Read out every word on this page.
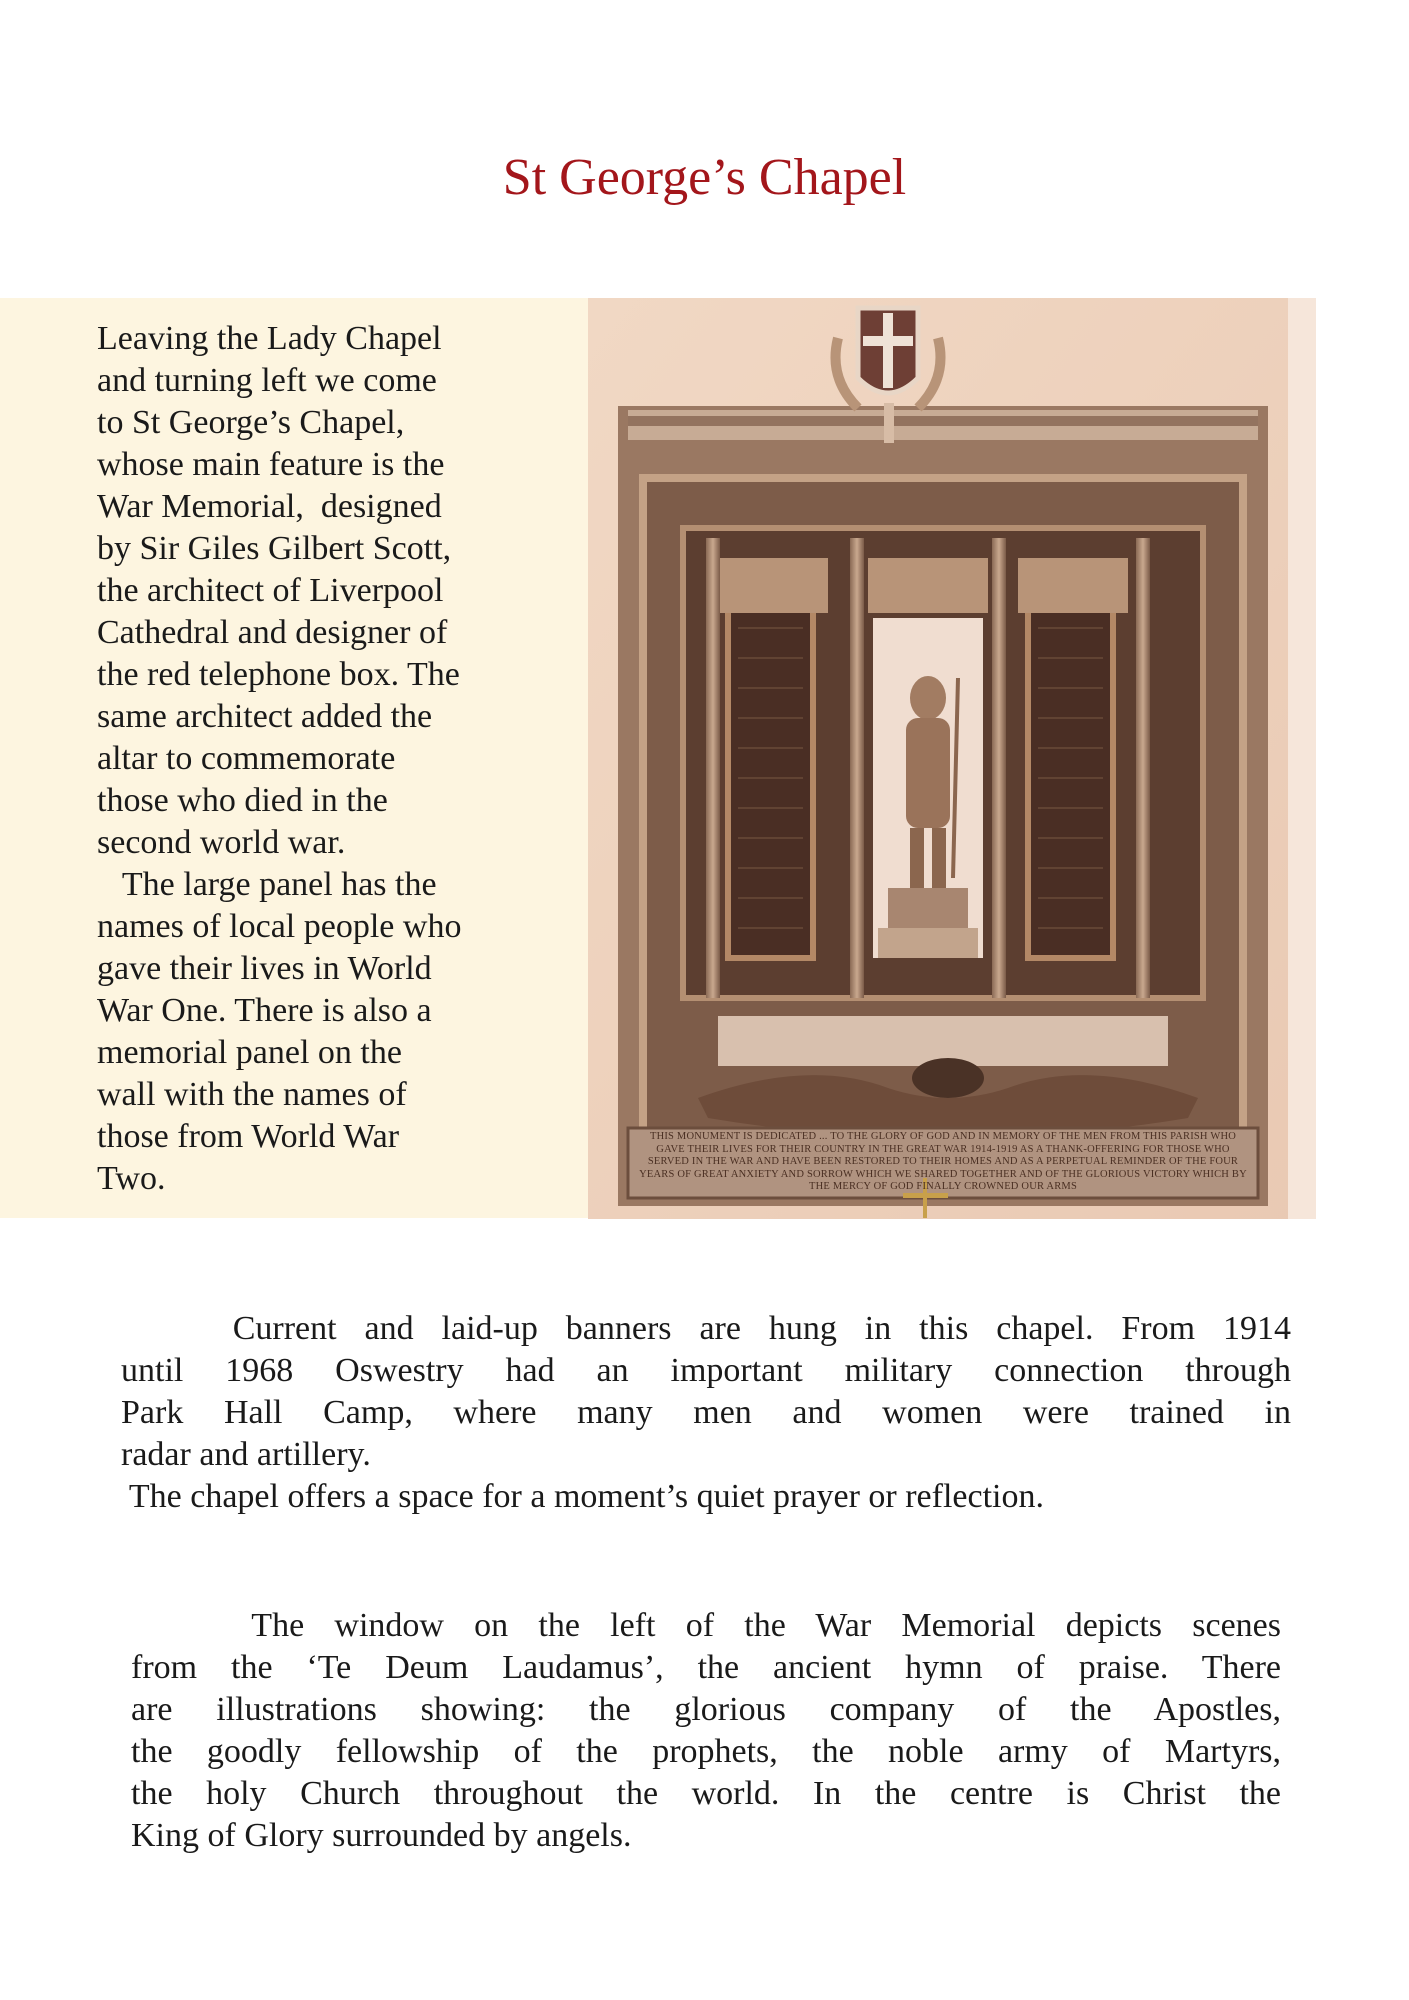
St George’s Chapel
Leaving the Lady Chapel
and turning left we come
to St George’s Chapel,
whose main feature is the
War Memorial,  designed
by Sir Giles Gilbert Scott,
the architect of Liverpool
Cathedral and designer of
the red telephone box. The
same architect added the
altar to commemorate
those who died in the
second world war.
The large panel has the
names of local people who
gave their lives in World
War One. There is also a
memorial panel on the
wall with the names of
those from World War
Two.
THIS MONUMENT IS DEDICATED ... TO THE GLORY OF GOD AND IN MEMORY OF THE MEN FROM THIS PARISH WHO GAVE THEIR LIVES FOR THEIR COUNTRY IN THE GREAT WAR 1914-1919 AS A THANK-OFFERING FOR THOSE WHO SERVED IN THE WAR AND HAVE BEEN RESTORED TO THEIR HOMES AND AS A PERPETUAL REMINDER OF THE FOUR YEARS OF GREAT ANXIETY AND SORROW WHICH WE SHARED TOGETHER AND OF THE GLORIOUS VICTORY WHICH BY THE MERCY OF GOD FINALLY CROWNED OUR ARMS
Current and laid-up banners are hung in this chapel. From 1914
until 1968 Oswestry had an important military connection through
Park Hall Camp, where many men and women were trained in
radar and artillery.
The chapel offers a space for a moment’s quiet prayer or reflection.
The window on the left of the War Memorial depicts scenes
from the ‘Te Deum Laudamus’, the ancient hymn of praise. There
are illustrations showing: the glorious company of the Apostles,
the goodly fellowship of the prophets, the noble army of Martyrs,
the holy Church throughout the world. In the centre is Christ the
King of Glory surrounded by angels.
